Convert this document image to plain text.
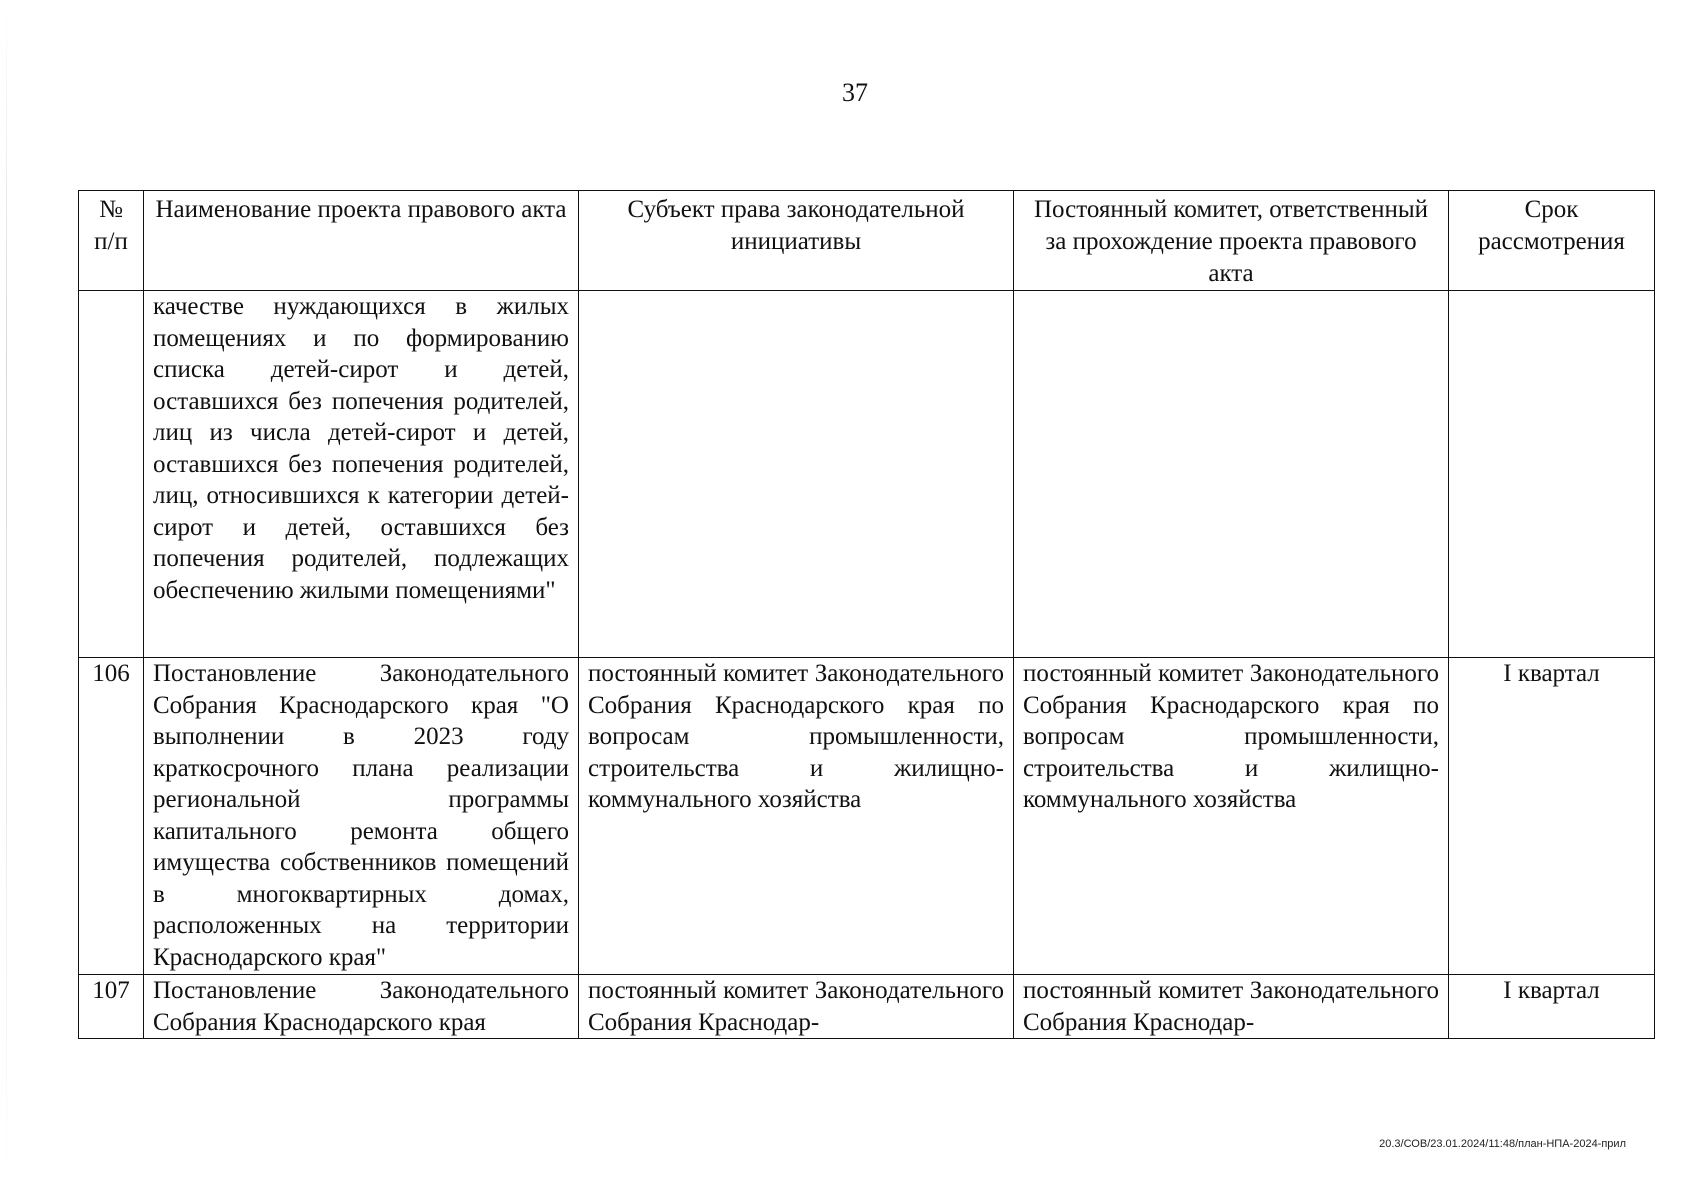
37
№ п/п	Наименование проекта правового акта	Субъект права законодательной инициативы	Постоянный комитет, ответственный за прохождение проекта правового акта	Срок рассмотрения
	качестве нуждающихся в жилых помещениях и по формированию списка детей-сирот и детей, оставшихся без попечения родителей, лиц из числа детей-сирот и детей, оставшихся без попечения родителей, лиц, относившихся к категории детей-сирот и детей, оставшихся без попечения родителей, подлежащих обеспечению жилыми помещениями"			
106	Постановление Законодательного Собрания Краснодарского края "О выполнении в 2023 году краткосрочного плана реализации региональной программы капитального ремонта общего имущества собственников помещений в многоквартирных домах, расположенных на территории Краснодарского края"	постоянный комитет Законодательного Собрания Краснодарского края по вопросам промышленности, строительства и жилищно-коммунального хозяйства	постоянный комитет Законодательного Собрания Краснодарского края по вопросам промышленности, строительства и жилищно-коммунального хозяйства	I квартал
107	Постановление Законодательного Собрания Краснодарского края	постоянный комитет Законодательного Собрания Краснодар-	постоянный комитет Законодательного Собрания Краснодар-	I квартал
20.3/СОВ/23.01.2024/11:48/план-НПА-2024-прил
